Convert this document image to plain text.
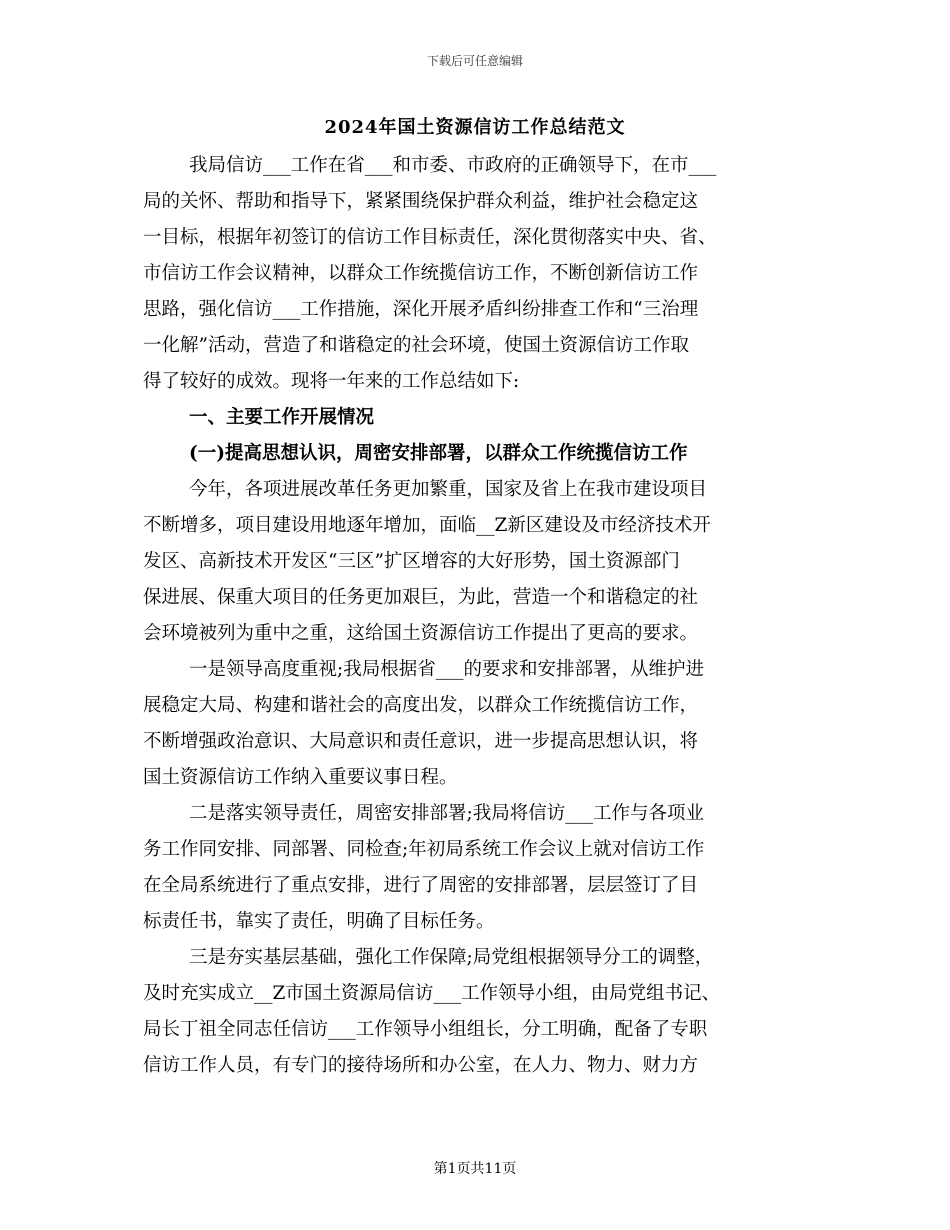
下载后可任意编辑
2024年国土资源信访工作总结范文
我局信访___工作在省___和市委、市政府的正确领导下，在市___
局的关怀、帮助和指导下，紧紧围绕保护群众利益，维护社会稳定这
一目标，根据年初签订的信访工作目标责任，深化贯彻落实中央、省、
市信访工作会议精神，以群众工作统揽信访工作，不断创新信访工作
思路，强化信访___工作措施，深化开展矛盾纠纷排查工作和“三治理
一化解”活动，营造了和谐稳定的社会环境，使国土资源信访工作取
得了较好的成效。现将一年来的工作总结如下:
一、主要工作开展情况
(一)提高思想认识，周密安排部署，以群众工作统揽信访工作
今年，各项进展改革任务更加繁重，国家及省上在我市建设项目
不断增多，项目建设用地逐年增加，面临__Z新区建设及市经济技术开
发区、高新技术开发区“三区”扩区增容的大好形势，国土资源部门
保进展、保重大项目的任务更加艰巨，为此，营造一个和谐稳定的社
会环境被列为重中之重，这给国土资源信访工作提出了更高的要求。
一是领导高度重视;我局根据省___的要求和安排部署，从维护进
展稳定大局、构建和谐社会的高度出发，以群众工作统揽信访工作，
不断增强政治意识、大局意识和责任意识，进一步提高思想认识，将
国土资源信访工作纳入重要议事日程。
二是落实领导责任，周密安排部署;我局将信访___工作与各项业
务工作同安排、同部署、同检查;年初局系统工作会议上就对信访工作
在全局系统进行了重点安排，进行了周密的安排部署，层层签订了目
标责任书，靠实了责任，明确了目标任务。
三是夯实基层基础，强化工作保障;局党组根据领导分工的调整，
及时充实成立__Z市国土资源局信访___工作领导小组，由局党组书记、
局长丁祖全同志任信访___工作领导小组组长，分工明确，配备了专职
信访工作人员，有专门的接待场所和办公室，在人力、物力、财力方
第1页共11页
